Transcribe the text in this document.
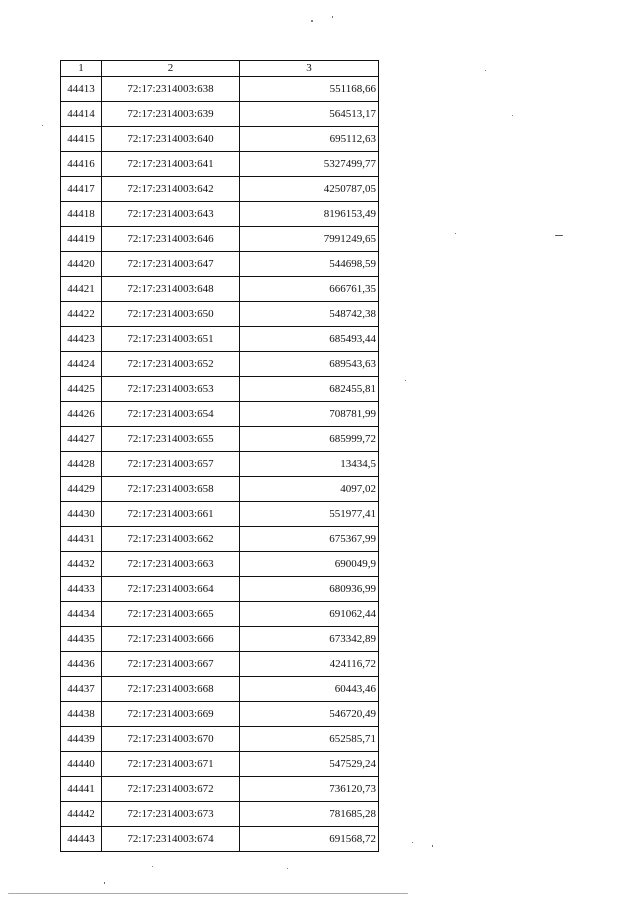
1	2	3
44413	72:17:2314003:638	551168,66
44414	72:17:2314003:639	564513,17
44415	72:17:2314003:640	695112,63
44416	72:17:2314003:641	5327499,77
44417	72:17:2314003:642	4250787,05
44418	72:17:2314003:643	8196153,49
44419	72:17:2314003:646	7991249,65
44420	72:17:2314003:647	544698,59
44421	72:17:2314003:648	666761,35
44422	72:17:2314003:650	548742,38
44423	72:17:2314003:651	685493,44
44424	72:17:2314003:652	689543,63
44425	72:17:2314003:653	682455,81
44426	72:17:2314003:654	708781,99
44427	72:17:2314003:655	685999,72
44428	72:17:2314003:657	13434,5
44429	72:17:2314003:658	4097,02
44430	72:17:2314003:661	551977,41
44431	72:17:2314003:662	675367,99
44432	72:17:2314003:663	690049,9
44433	72:17:2314003:664	680936,99
44434	72:17:2314003:665	691062,44
44435	72:17:2314003:666	673342,89
44436	72:17:2314003:667	424116,72
44437	72:17:2314003:668	60443,46
44438	72:17:2314003:669	546720,49
44439	72:17:2314003:670	652585,71
44440	72:17:2314003:671	547529,24
44441	72:17:2314003:672	736120,73
44442	72:17:2314003:673	781685,28
44443	72:17:2314003:674	691568,72
